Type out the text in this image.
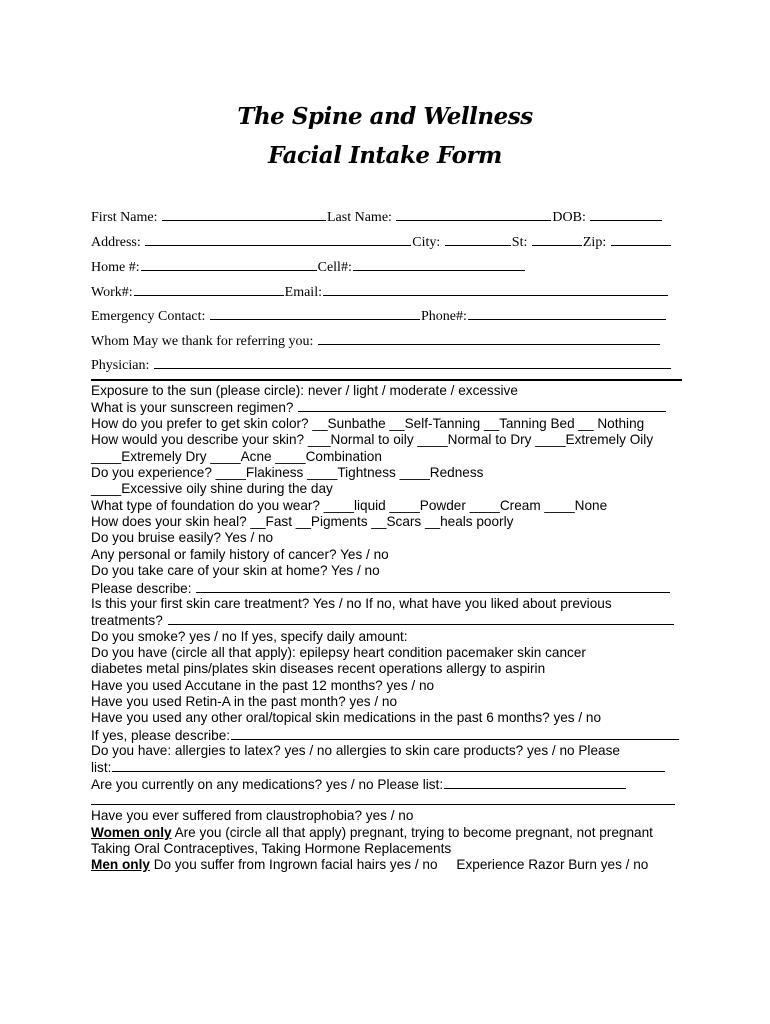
The Spine and Wellness
Facial Intake Form
First Name:	Last Name:	DOB:
Address:	City:	St:	Zip:
Home #:	Cell#:
Work#:	Email:
Emergency Contact:	Phone#:
Whom May we thank for referring you:
Physician:
Exposure to the sun (please circle): never / light / moderate / excessive
What is your sunscreen regimen?
How do you prefer to get skin color? __Sunbathe __Self-Tanning __Tanning Bed __ Nothing
How would you describe your skin? ___Normal to oily ____Normal to Dry ____Extremely Oily
____Extremely Dry ____Acne ____Combination
Do you experience? ____Flakiness ____Tightness ____Redness
____Excessive oily shine during the day
What type of foundation do you wear? ____liquid ____Powder ____Cream ____None
How does your skin heal? __Fast __Pigments __Scars __heals poorly
Do you bruise easily? Yes / no
Any personal or family history of cancer? Yes / no
Do you take care of your skin at home? Yes / no
Please describe:
Is this your first skin care treatment? Yes / no If no, what have you liked about previous
treatments?
Do you smoke? yes / no If yes, specify daily amount:
Do you have (circle all that apply): epilepsy heart condition pacemaker skin cancer
diabetes metal pins/plates skin diseases recent operations allergy to aspirin
Have you used Accutane in the past 12 months? yes / no
Have you used Retin-A in the past month? yes / no
Have you used any other oral/topical skin medications in the past 6 months? yes / no
If yes, please describe:
Do you have: allergies to latex? yes / no allergies to skin care products? yes / no Please
list:
Are you currently on any medications? yes / no Please list:
Have you ever suffered from claustrophobia? yes / no
Women only Are you (circle all that apply) pregnant, trying to become pregnant, not pregnant
Taking Oral Contraceptives, Taking Hormone Replacements
Men only Do you suffer from Ingrown facial hairs yes / no     Experience Razor Burn yes / no
